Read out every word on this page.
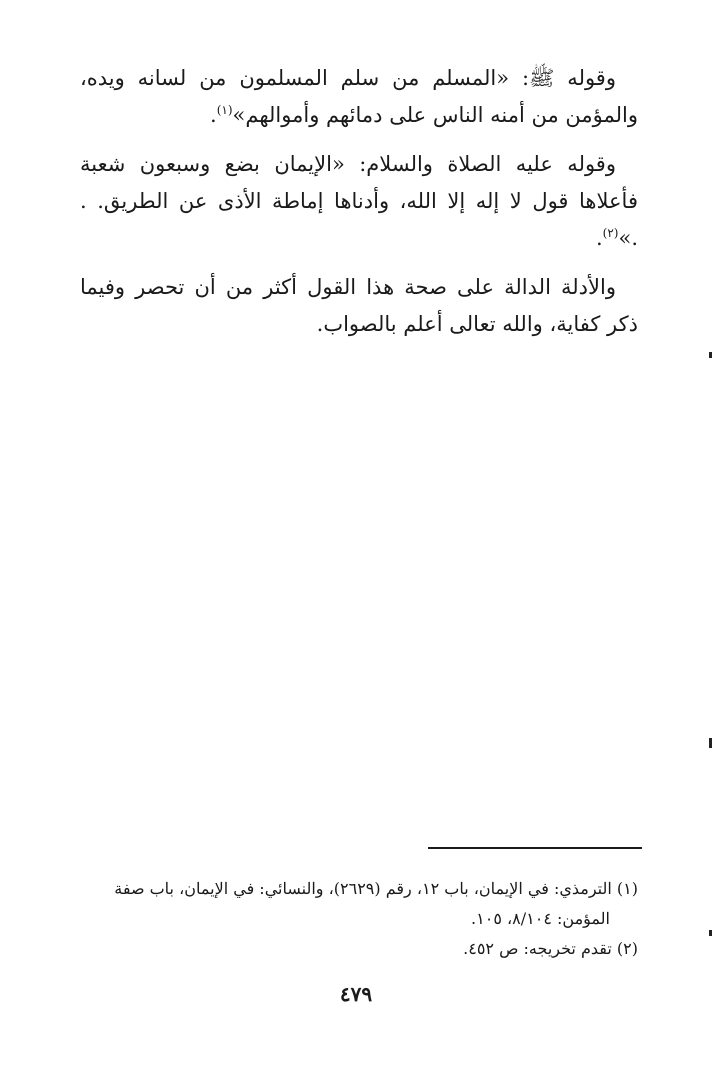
وقوله ﷺ: «المسلم من سلم المسلمون من لسانه ويده، والمؤمن من أمنه الناس على دمائهم وأموالهم»$^{(١)}$.

وقوله عليه الصلاة والسلام: «الإيمان بضع وسبعون شعبة فأعلاها قول لا إله إلا الله، وأدناها إماطة الأذى عن الطريق. . .»$^{(٢)}$.

والأدلة الدالة على صحة هذا القول أكثر من أن تحصر وفيما ذكر كفاية، والله تعالى أعلم بالصواب.

(١) الترمذي: في الإيمان، باب ١٢، رقم (٢٦٢٩)، والنسائي: في الإيمان، باب صفة

المؤمن: ٨/١٠٤، ١٠٥.

(٢) تقدم تخريجه: ص ٤٥٢.

٤٧٩
